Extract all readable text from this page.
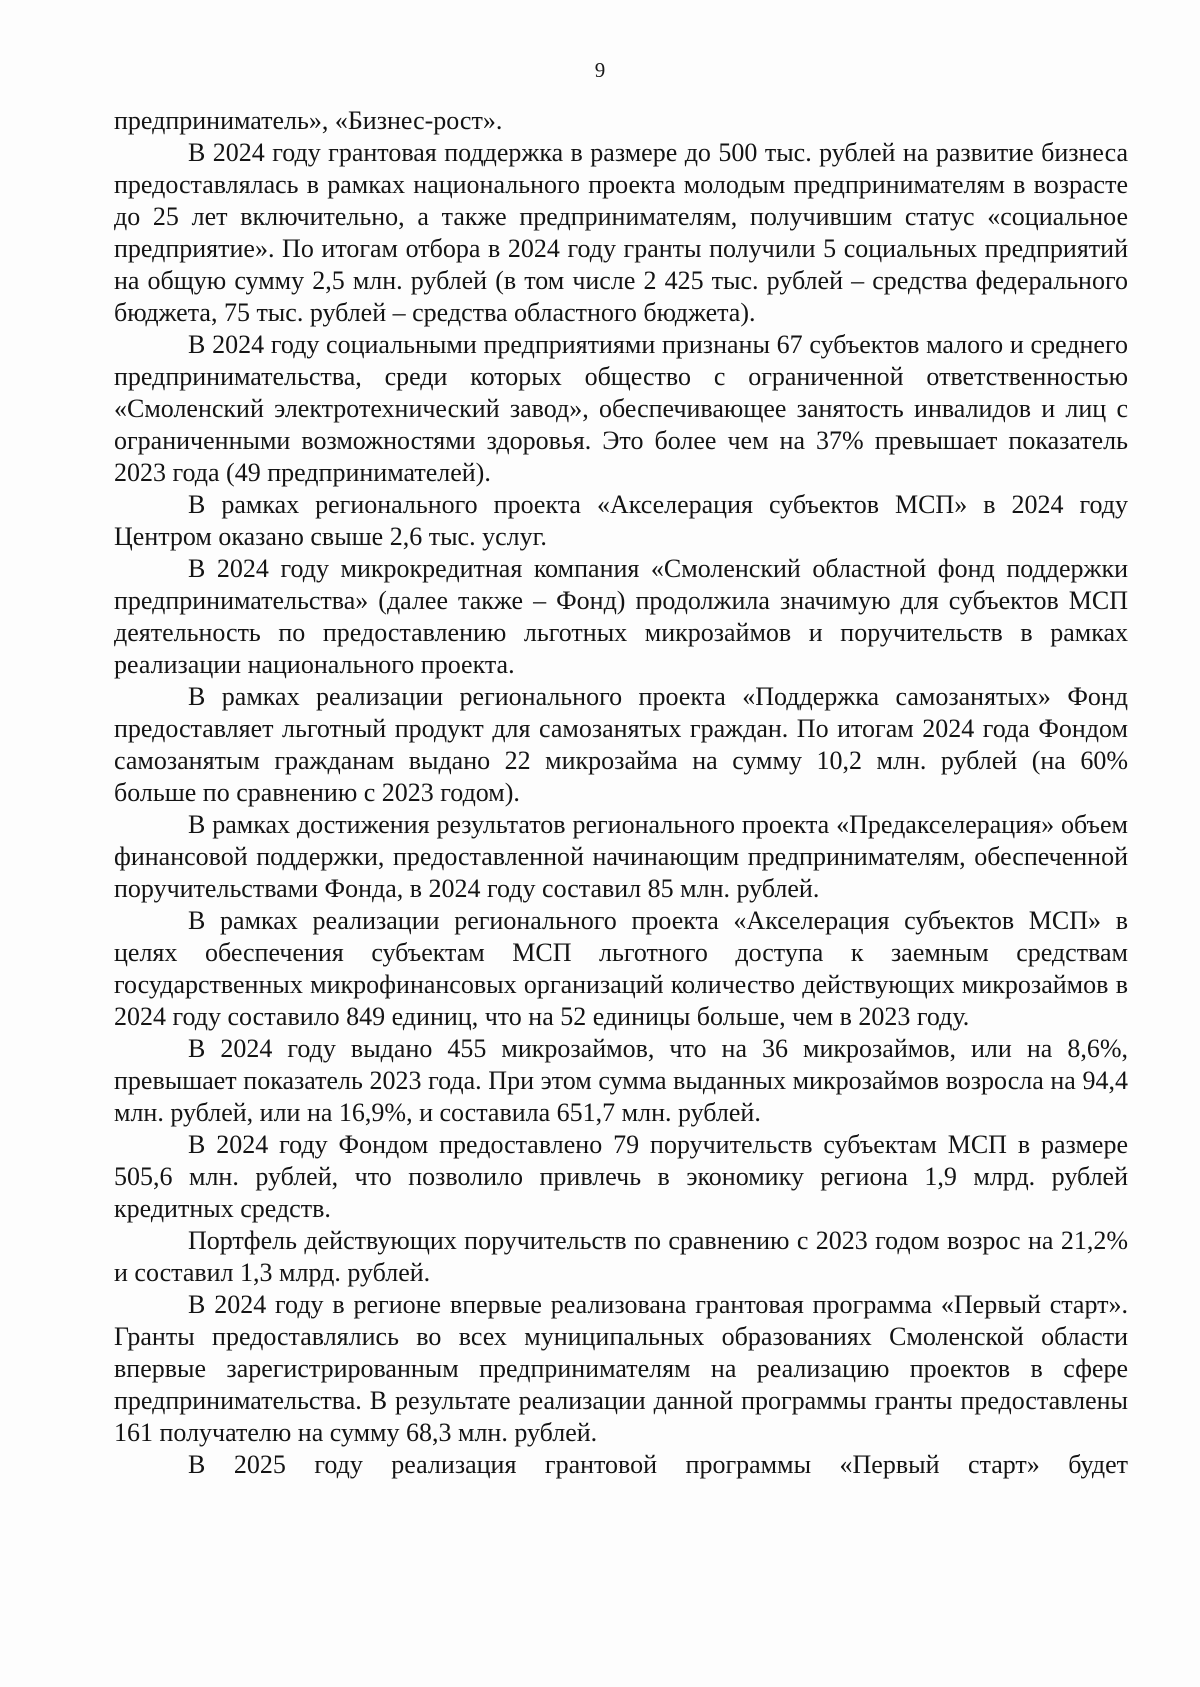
9

предприниматель», «Бизнес-рост».

В 2024 году грантовая поддержка в размере до 500 тыс. рублей на развитие бизнеса предоставлялась в рамках национального проекта молодым предпринимателям в возрасте до 25 лет включительно, а также предпринимателям, получившим статус «социальное предприятие». По итогам отбора в 2024 году гранты получили 5 социальных предприятий на общую сумму 2,5 млн. рублей (в том числе 2 425 тыс. рублей – средства федерального бюджета, 75 тыс. рублей – средства областного бюджета).

В 2024 году социальными предприятиями признаны 67 субъектов малого и среднего предпринимательства, среди которых общество с ограниченной ответственностью «Смоленский электротехнический завод», обеспечивающее занятость инвалидов и лиц с ограниченными возможностями здоровья. Это более чем на 37% превышает показатель 2023 года (49 предпринимателей).

В рамках регионального проекта «Акселерация субъектов МСП» в 2024 году Центром оказано свыше 2,6 тыс. услуг.

В 2024 году микрокредитная компания «Смоленский областной фонд поддержки предпринимательства» (далее также – Фонд) продолжила значимую для субъектов МСП деятельность по предоставлению льготных микрозаймов и поручительств в рамках реализации национального проекта.

В рамках реализации регионального проекта «Поддержка самозанятых» Фонд предоставляет льготный продукт для самозанятых граждан. По итогам 2024 года Фондом самозанятым гражданам выдано 22 микрозайма на сумму 10,2 млн. рублей (на 60% больше по сравнению с 2023 годом).

В рамках достижения результатов регионального проекта «Предакселерация» объем финансовой поддержки, предоставленной начинающим предпринимателям, обеспеченной поручительствами Фонда, в 2024 году составил 85 млн. рублей.

В рамках реализации регионального проекта «Акселерация субъектов МСП» в целях обеспечения субъектам МСП льготного доступа к заемным средствам государственных микрофинансовых организаций количество действующих микрозаймов в 2024 году составило 849 единиц, что на 52 единицы больше, чем в 2023 году.

В 2024 году выдано 455 микрозаймов, что на 36 микрозаймов, или на 8,6%, превышает показатель 2023 года. При этом сумма выданных микрозаймов возросла на 94,4 млн. рублей, или на 16,9%, и составила 651,7 млн. рублей.

В 2024 году Фондом предоставлено 79 поручительств субъектам МСП в размере 505,6 млн. рублей, что позволило привлечь в экономику региона 1,9 млрд. рублей кредитных средств.

Портфель действующих поручительств по сравнению с 2023 годом возрос на 21,2% и составил 1,3 млрд. рублей.

В 2024 году в регионе впервые реализована грантовая программа «Первый старт». Гранты предоставлялись во всех муниципальных образованиях Смоленской области впервые зарегистрированным предпринимателям на реализацию проектов в сфере предпринимательства. В результате реализации данной программы гранты предоставлены 161 получателю на сумму 68,3 млн. рублей.

В 2025 году реализация грантовой программы «Первый старт» будет
